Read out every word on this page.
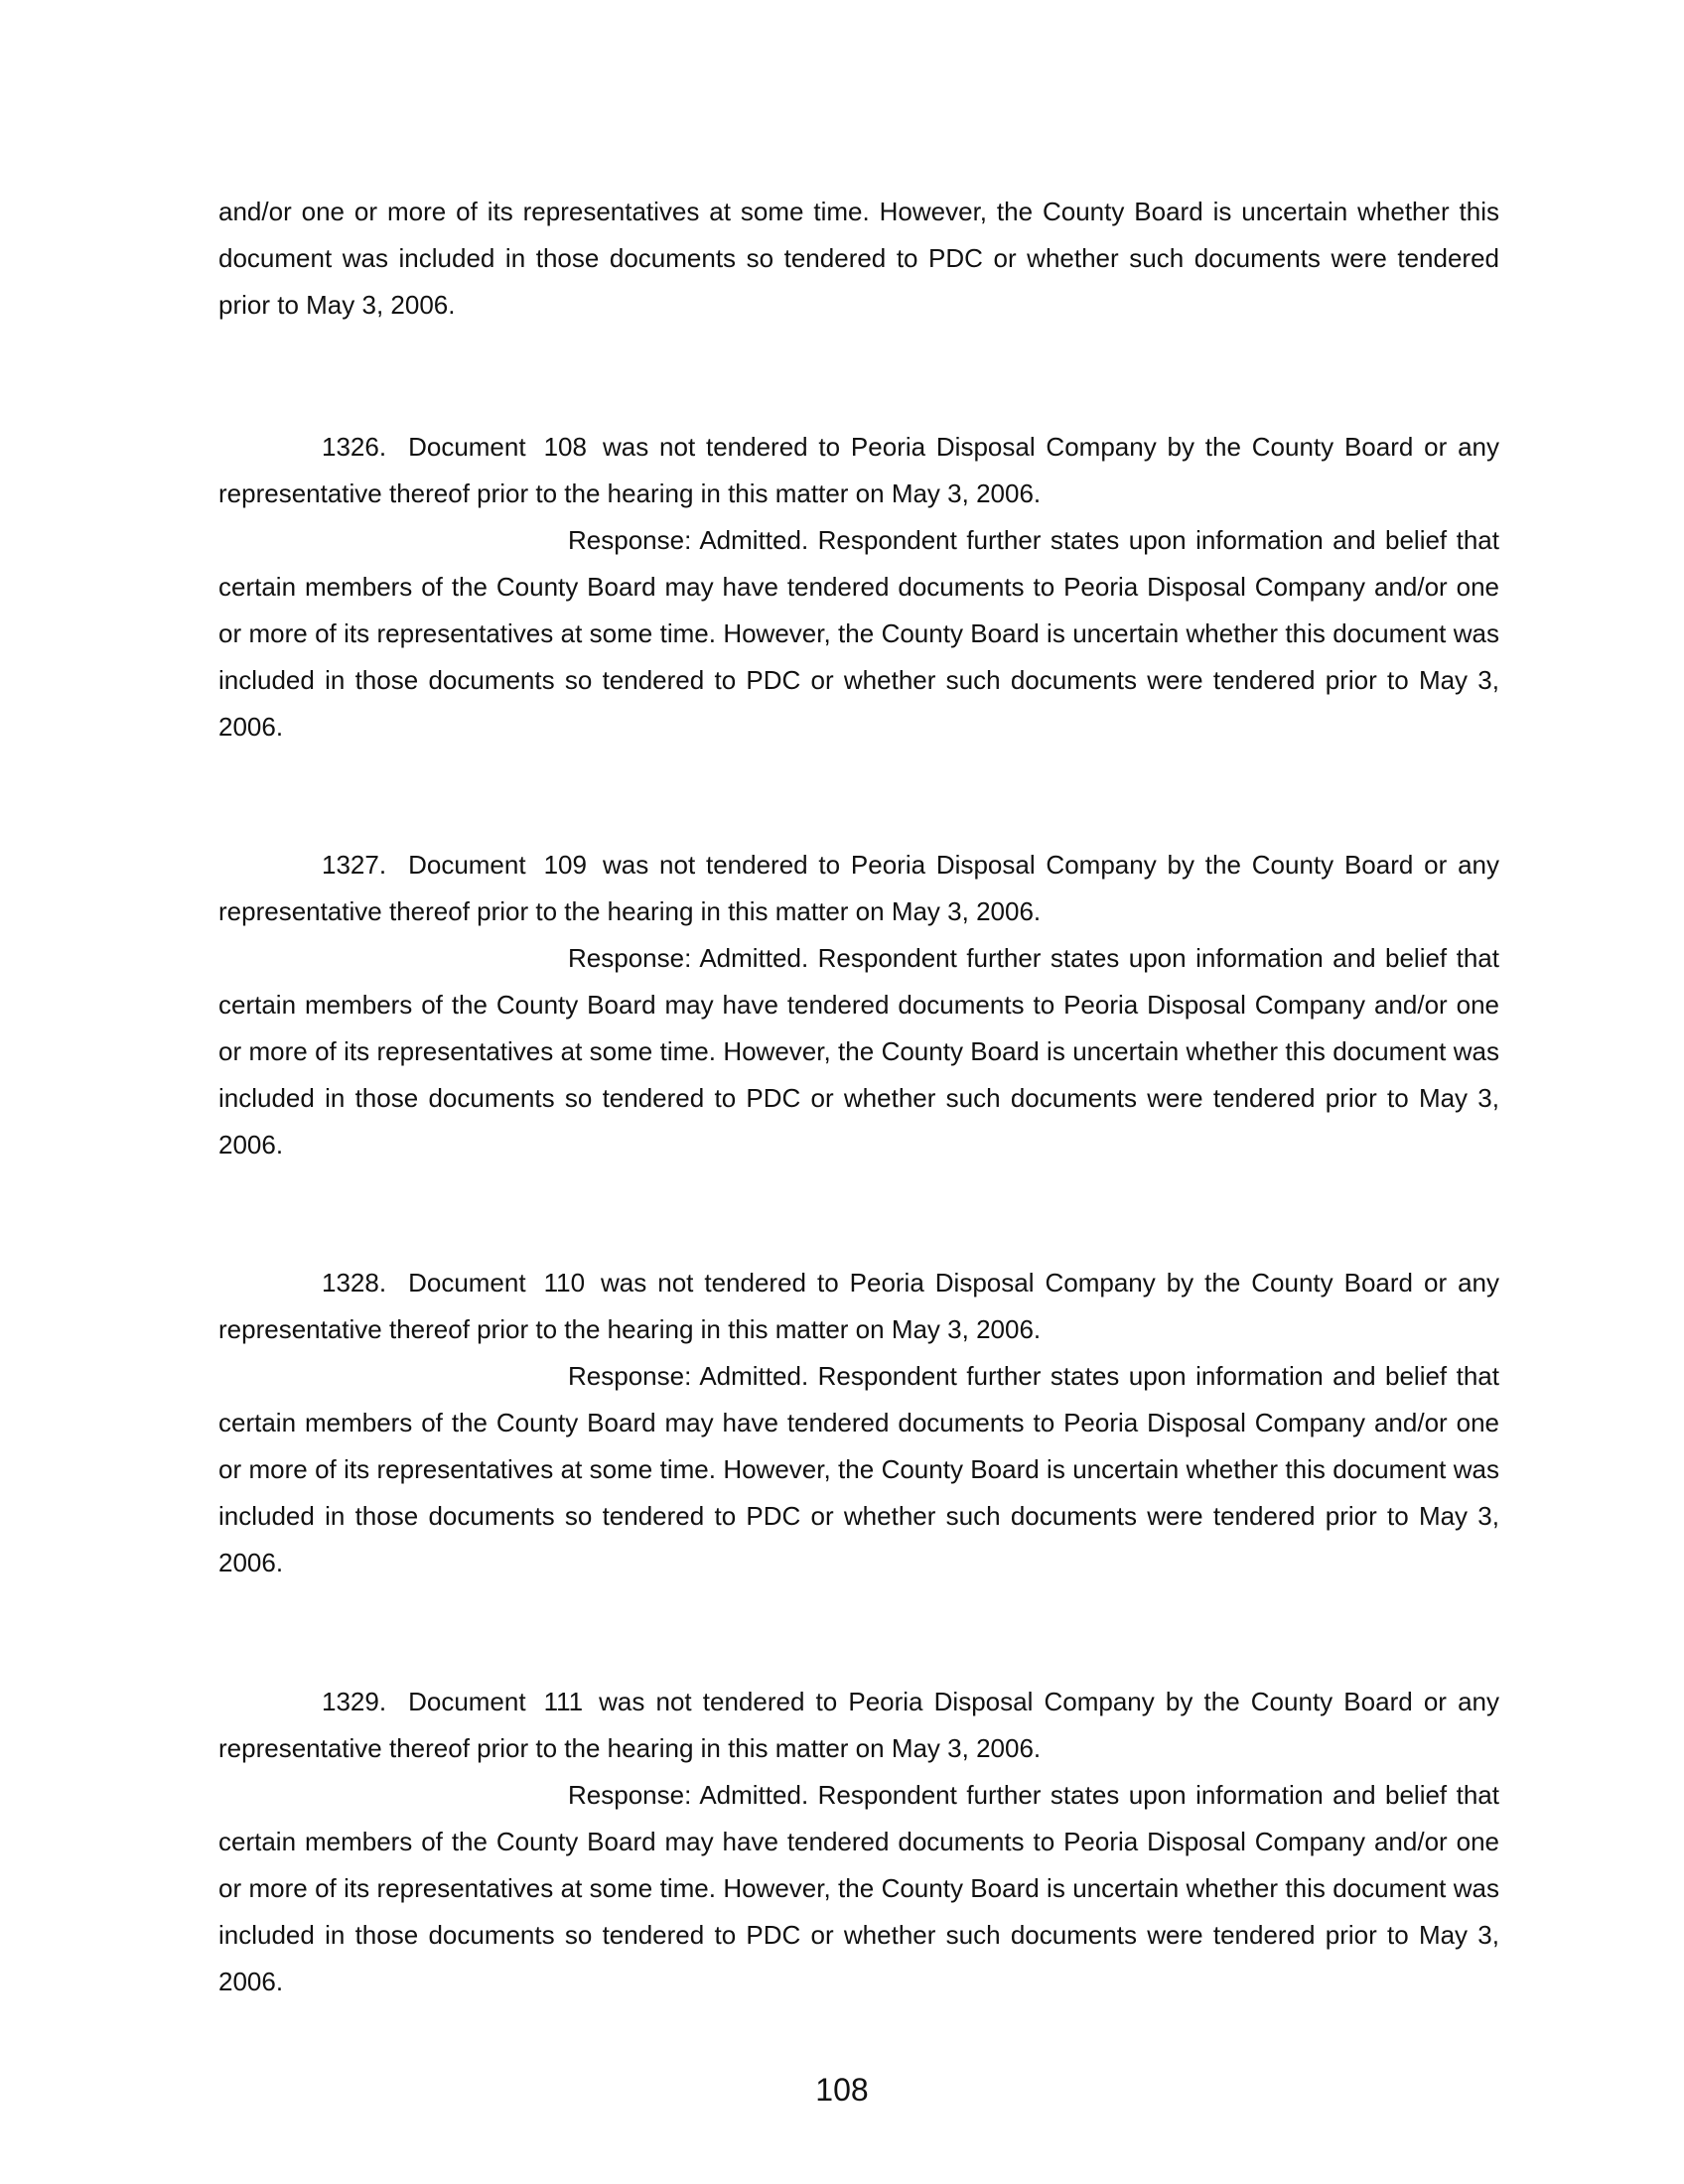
and/or one or more of its representatives at some time. However, the County Board is uncertain whether this document was included in those documents so tendered to PDC or whether such documents were tendered prior to May 3, 2006.
1326. Document 108 was not tendered to Peoria Disposal Company by the County Board or any representative thereof prior to the hearing in this matter on May 3, 2006.
Response: Admitted. Respondent further states upon information and belief that certain members of the County Board may have tendered documents to Peoria Disposal Company and/or one or more of its representatives at some time. However, the County Board is uncertain whether this document was included in those documents so tendered to PDC or whether such documents were tendered prior to May 3, 2006.
1327. Document 109 was not tendered to Peoria Disposal Company by the County Board or any representative thereof prior to the hearing in this matter on May 3, 2006.
Response: Admitted. Respondent further states upon information and belief that certain members of the County Board may have tendered documents to Peoria Disposal Company and/or one or more of its representatives at some time. However, the County Board is uncertain whether this document was included in those documents so tendered to PDC or whether such documents were tendered prior to May 3, 2006.
1328. Document 110 was not tendered to Peoria Disposal Company by the County Board or any representative thereof prior to the hearing in this matter on May 3, 2006.
Response: Admitted. Respondent further states upon information and belief that certain members of the County Board may have tendered documents to Peoria Disposal Company and/or one or more of its representatives at some time. However, the County Board is uncertain whether this document was included in those documents so tendered to PDC or whether such documents were tendered prior to May 3, 2006.
1329. Document 111 was not tendered to Peoria Disposal Company by the County Board or any representative thereof prior to the hearing in this matter on May 3, 2006.
Response: Admitted. Respondent further states upon information and belief that certain members of the County Board may have tendered documents to Peoria Disposal Company and/or one or more of its representatives at some time. However, the County Board is uncertain whether this document was included in those documents so tendered to PDC or whether such documents were tendered prior to May 3, 2006.
108
